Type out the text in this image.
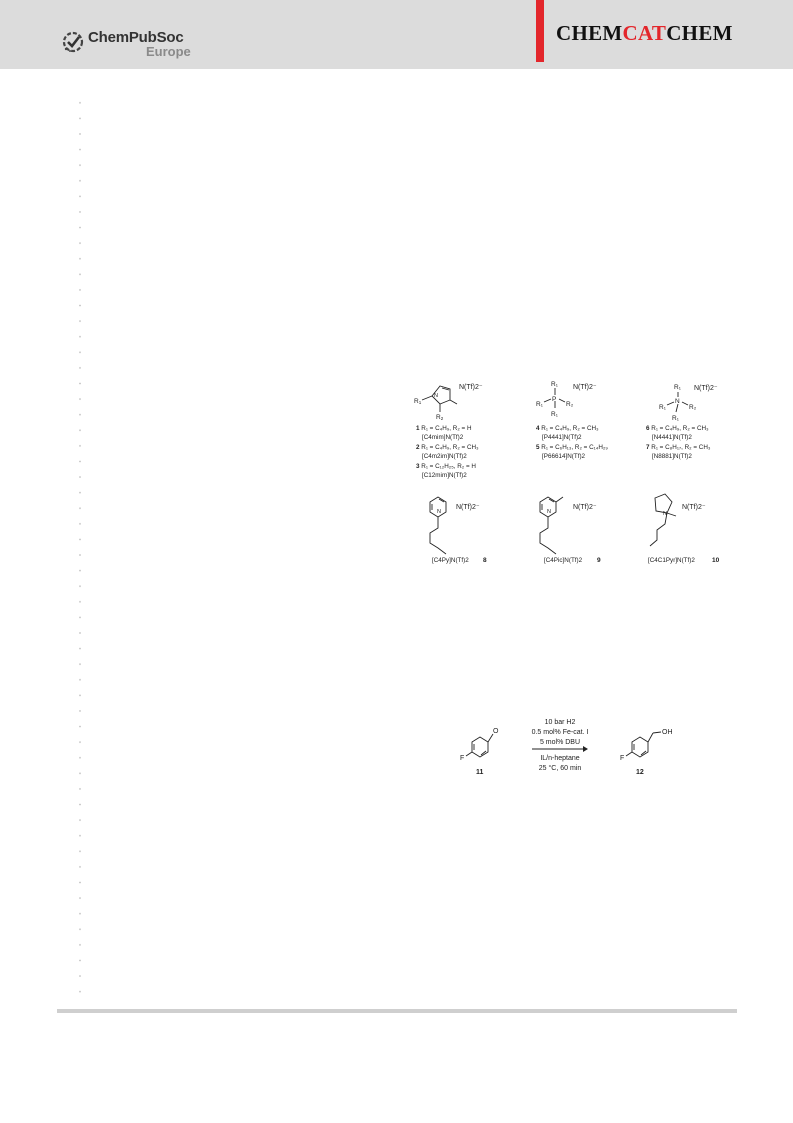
ChemPubSoc
Europe
CHEMCATCHEM
N(Tf)2⁻
R1
N
R2
1 R₁ = C₄H₉, R₂ = H
[C4mim]N(Tf)2
2 R₁ = C₄H₉, R₂ = CH₃
[C4m2im]N(Tf)2
3 R₁ = C₁₂H₂₅, R₂ = H
[C12mim]N(Tf)2
R₁
P
R₁	R₂
R₁
N(Tf)2⁻
4 R₁ = C₄H₉, R₂ = CH₃
[P4441]N(Tf)2
5 R₁ = C₆H₁₃, R₂ = C₁₄H₂₉
[P66614]N(Tf)2
R₁
N
R₁	R₂
R₁
N(Tf)2⁻
6 R₁ = C₄H₉, R₂ = CH₃
[N4441]N(Tf)2
7 R₁ = C₈H₁₇, R₂ = CH₃
[N8881]N(Tf)2
N
N(Tf)2⁻
[C4Py]N(Tf)2 8
N
N(Tf)2⁻
[C4Pic]N(Tf)2 9
N
N(Tf)2⁻
[C4C1Pyr]N(Tf)2	10
O
F
11
10 bar H2
0.5 mol% Fe-cat. I
5 mol% DBU
IL/n-heptane
25 °C, 60 min
OH
F
12
